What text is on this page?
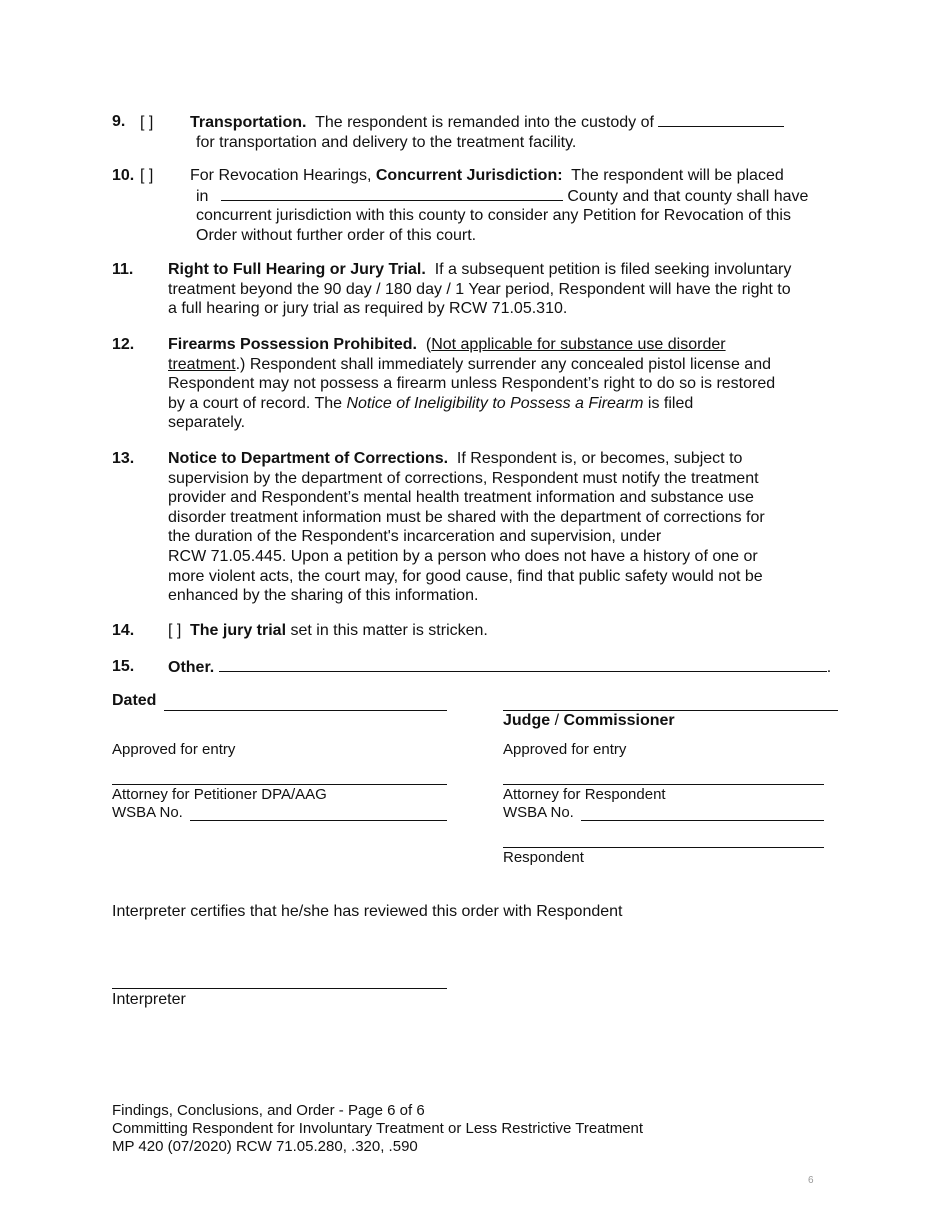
9. [ ] Transportation. The respondent is remanded into the custody of
for transportation and delivery to the treatment facility.
10. [ ] For Revocation Hearings, Concurrent Jurisdiction: The respondent will be placed
in	County and that county shall have
concurrent jurisdiction with this county to consider any Petition for Revocation of this
Order without further order of this court.
11. Right to Full Hearing or Jury Trial. If a subsequent petition is filed seeking involuntary
treatment beyond the 90 day / 180 day / 1 Year period, Respondent will have the right to
a full hearing or jury trial as required by RCW 71.05.310.
12. Firearms Possession Prohibited. (Not applicable for substance use disorder
treatment.) Respondent shall immediately surrender any concealed pistol license and
Respondent may not possess a firearm unless Respondent’s right to do so is restored
by a court of record. The Notice of Ineligibility to Possess a Firearm is filed
separately.
13. Notice to Department of Corrections. If Respondent is, or becomes, subject to
supervision by the department of corrections, Respondent must notify the treatment
provider and Respondent’s mental health treatment information and substance use
disorder treatment information must be shared with the department of corrections for
the duration of the Respondent's incarceration and supervision, under
RCW 71.05.445. Upon a petition by a person who does not have a history of one or
more violent acts, the court may, for good cause, find that public safety would not be
enhanced by the sharing of this information.
14. [ ] The jury trial set in this matter is stricken.
15. Other.	.
Dated
Judge / Commissioner
Approved for entry	Approved for entry
Attorney for Petitioner DPA/AAG
WSBA No.
Attorney for Respondent
WSBA No.
Respondent
Interpreter certifies that he/she has reviewed this order with Respondent
Interpreter
Findings, Conclusions, and Order - Page 6 of 6
Committing Respondent for Involuntary Treatment or Less Restrictive Treatment
MP 420 (07/2020) RCW 71.05.280, .320, .590
6
